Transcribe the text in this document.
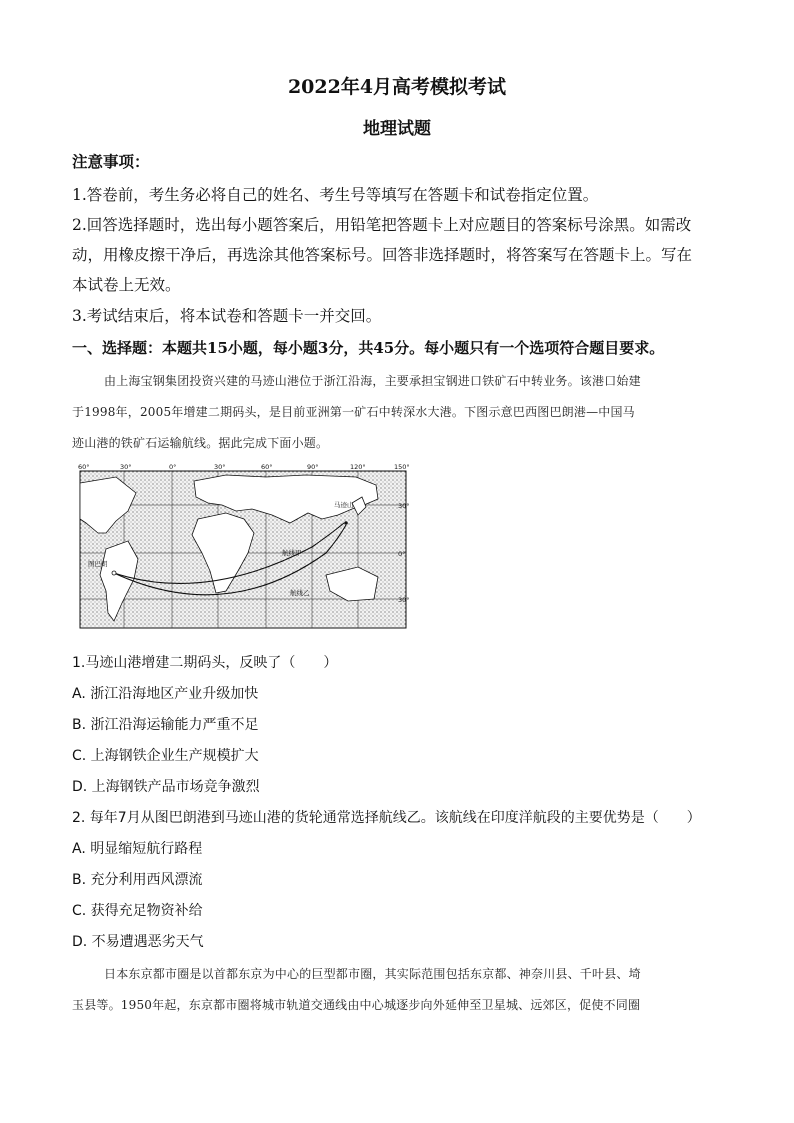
2022年4月高考模拟考试
地理试题
注意事项：
1.答卷前，考生务必将自己的姓名、考生号等填写在答题卡和试卷指定位置。
2.回答选择题时，选出每小题答案后，用铅笔把答题卡上对应题目的答案标号涂黑。如需改
动，用橡皮擦干净后，再选涂其他答案标号。回答非选择题时，将答案写在答题卡上。写在
本试卷上无效。
3.考试结束后，将本试卷和答题卡一并交回。
一、选择题：本题共15小题，每小题3分，共45分。每小题只有一个选项符合题目要求。
由上海宝钢集团投资兴建的马迹山港位于浙江沿海，主要承担宝钢进口铁矿石中转业务。该港口始建
于1998年，2005年增建二期码头，是目前亚洲第一矿石中转深水大港。下图示意巴西图巴朗港—中国马
迹山港的铁矿石运输航线。据此完成下面小题。
60°	30°	0°	30°	60°	90°	120°	150°
30°
0°
30°
图巴朗
马迹山
航线甲
航线乙
1.马迹山港增建二期码头，反映了（　　）
A. 浙江沿海地区产业升级加快
B. 浙江沿海运输能力严重不足
C. 上海钢铁企业生产规模扩大
D. 上海钢铁产品市场竞争激烈
2. 每年7月从图巴朗港到马迹山港的货轮通常选择航线乙。该航线在印度洋航段的主要优势是（　　）
A. 明显缩短航行路程
B. 充分利用西风漂流
C. 获得充足物资补给
D. 不易遭遇恶劣天气
日本东京都市圈是以首都东京为中心的巨型都市圈，其实际范围包括东京都、神奈川县、千叶县、埼
玉县等。1950年起，东京都市圈将城市轨道交通线由中心城逐步向外延伸至卫星城、远郊区，促使不同圈
